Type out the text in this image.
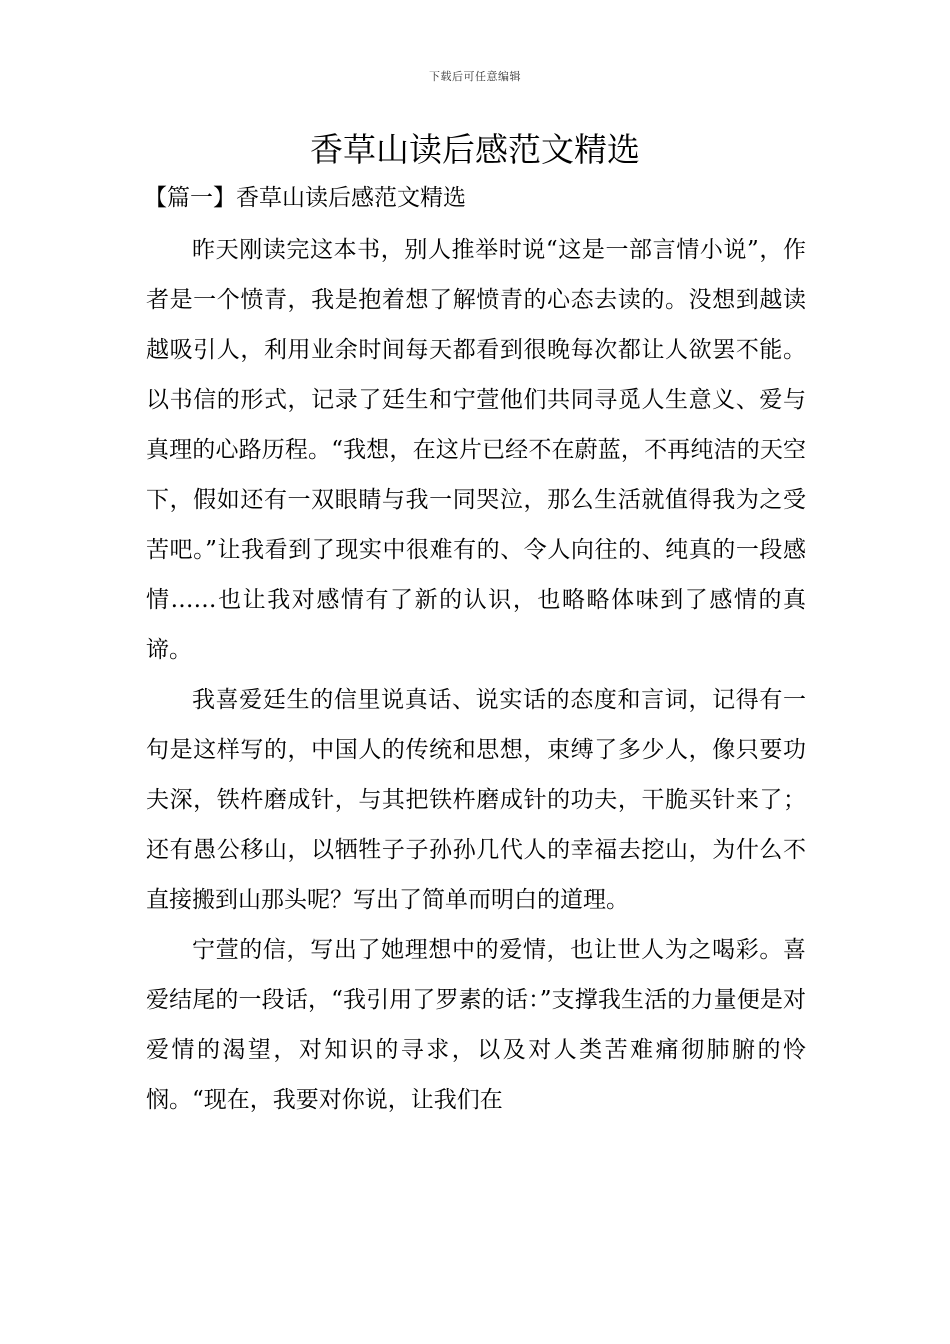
下载后可任意编辑
香草山读后感范文精选
【篇一】香草山读后感范文精选

昨天刚读完这本书，别人推举时说“这是一部言情小说”，作者是一个愤青，我是抱着想了解愤青的心态去读的。没想到越读越吸引人，利用业余时间每天都看到很晚每次都让人欲罢不能。以书信的形式，记录了廷生和宁萱他们共同寻觅人生意义、爱与真理的心路历程。“我想，在这片已经不在蔚蓝，不再纯洁的天空下，假如还有一双眼睛与我一同哭泣，那么生活就值得我为之受苦吧。”让我看到了现实中很难有的、令人向往的、纯真的一段感情……也让我对感情有了新的认识，也略略体味到了感情的真谛。

我喜爱廷生的信里说真话、说实话的态度和言词，记得有一句是这样写的，中国人的传统和思想，束缚了多少人，像只要功夫深，铁杵磨成针，与其把铁杵磨成针的功夫，干脆买针来了；还有愚公移山，以牺牲子子孙孙几代人的幸福去挖山，为什么不直接搬到山那头呢？写出了简单而明白的道理。

宁萱的信，写出了她理想中的爱情，也让世人为之喝彩。喜爱结尾的一段话，“我引用了罗素的话：”支撑我生活的力量便是对爱情的渴望，对知识的寻求，以及对人类苦难痛彻肺腑的怜悯。“现在，我要对你说，让我们在
